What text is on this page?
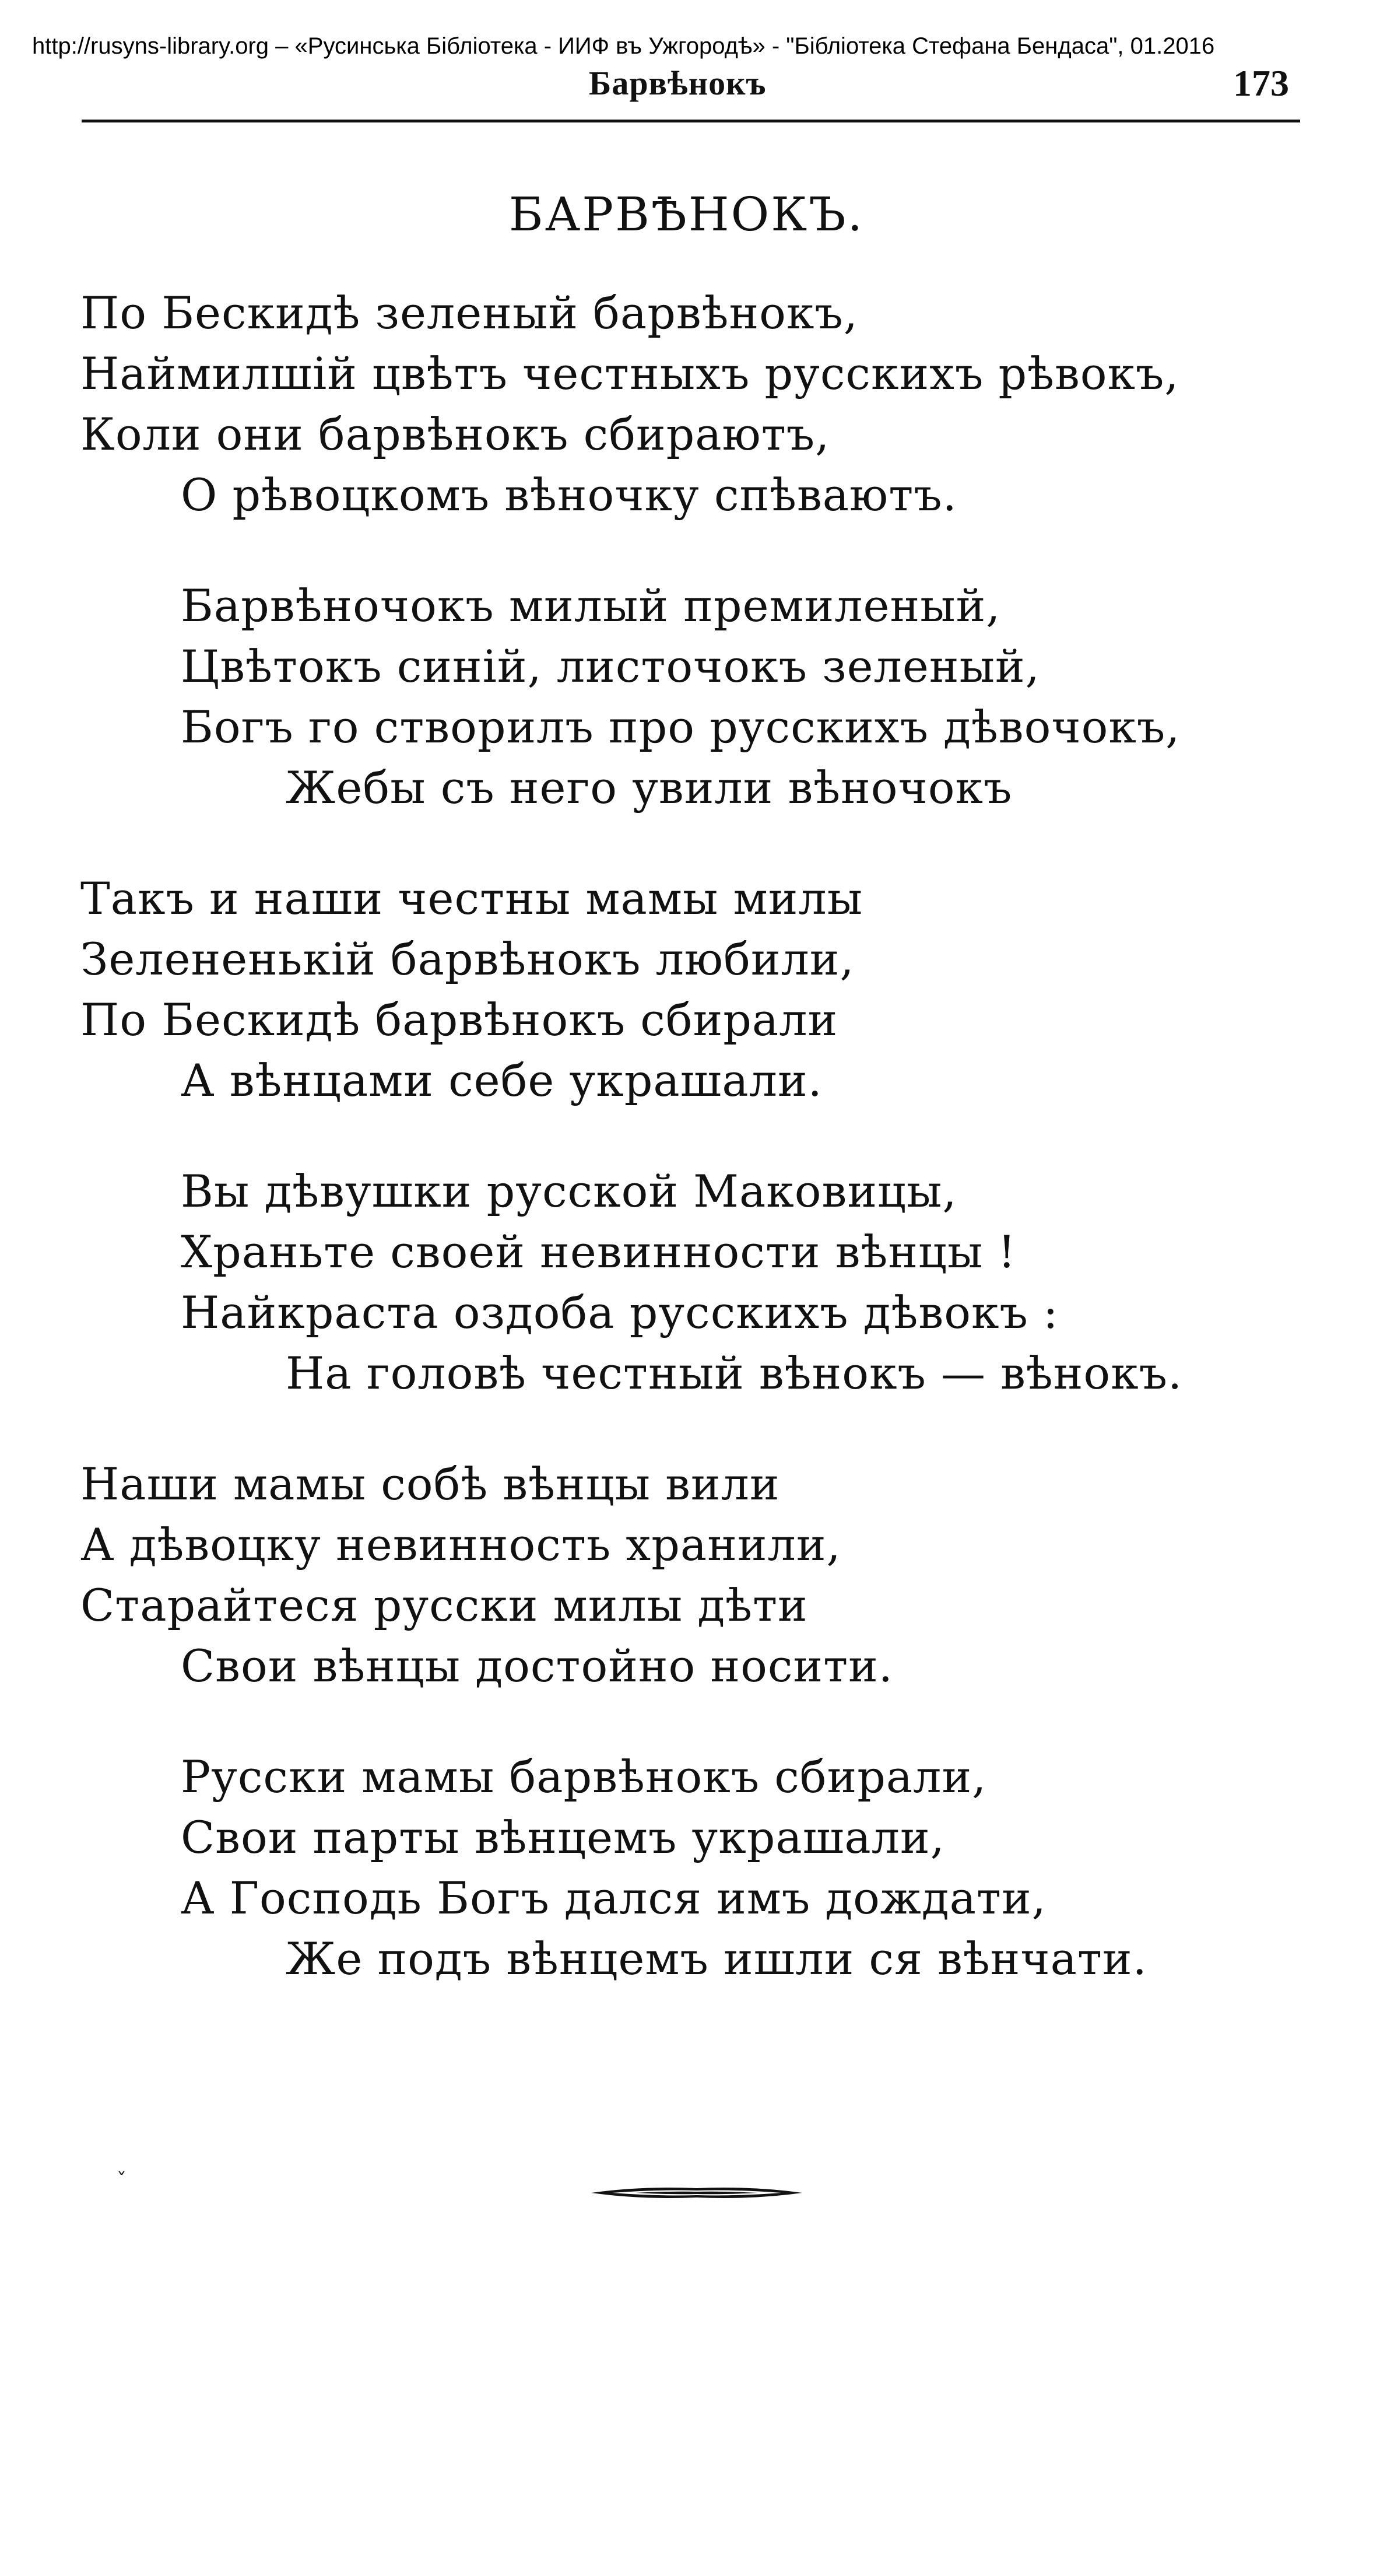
http://rusyns-library.org – «Русинська Бібліотека - ИИФ въ Ужгородѣ» - "Бібліотека Стефана Бендаса", 01.2016
Барвѣнокъ	173
БАРВѢНОКЪ.
По Бескидѣ зеленый барвѣнокъ,
Наймилшій цвѣтъ честныхъ русскихъ рѣвокъ,
Коли они барвѣнокъ сбираютъ,
О рѣвоцкомъ вѣночку спѣваютъ.
Барвѣночокъ милый премиленый,
Цвѣтокъ синій, листочокъ зеленый,
Богъ го створилъ про русскихъ дѣвочокъ,
Жебы съ него увили вѣночокъ
Такъ и наши честны мамы милы
Зелененькій барвѣнокъ любили,
По Бескидѣ барвѣнокъ сбирали
А вѣнцами себе украшали.
Вы дѣвушки русской Маковицы,
Храньте своей невинности вѣнцы !
Найкраста оздоба русскихъ дѣвокъ :
На головѣ честный вѣнокъ — вѣнокъ.
Наши мамы собѣ вѣнцы вили
А дѣвоцку невинность хранили,
Старайтеся русски милы дѣти
Свои вѣнцы достойно носити.
Русски мамы барвѣнокъ сбирали,
Свои парты вѣнцемъ украшали,
А Господь Богъ дался имъ дождати,
Же подъ вѣнцемъ ишли ся вѣнчати.
ˇ
